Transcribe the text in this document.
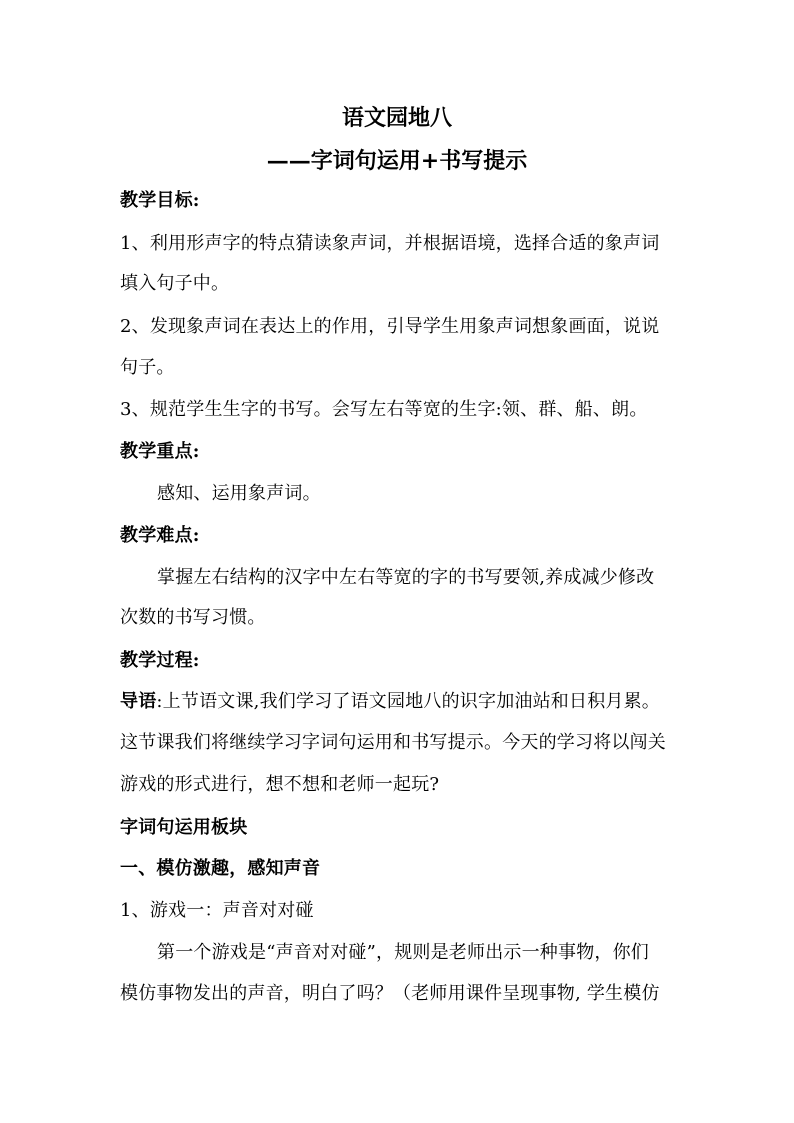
语文园地八
——字词句运用+书写提示
教学目标:
1、利用形声字的特点猜读象声词，并根据语境，选择合适的象声词
填入句子中。
2、发现象声词在表达上的作用，引导学生用象声词想象画面，说说
句子。
3、规范学生生字的书写。会写左右等宽的生字:领、群、船、朗。
教学重点:
感知、运用象声词。
教学难点:
掌握左右结构的汉字中左右等宽的字的书写要领,养成减少修改
次数的书写习惯。
教学过程:
导语:上节语文课,我们学习了语文园地八的识字加油站和日积月累。
这节课我们将继续学习字词句运用和书写提示。今天的学习将以闯关
游戏的形式进行，想不想和老师一起玩?
字词句运用板块
一、模仿激趣，感知声音
1、游戏一：声音对对碰
第一个游戏是“声音对对碰”，规则是老师出示一种事物，你们
模仿事物发出的声音，明白了吗？（老师用课件呈现事物, 学生模仿
